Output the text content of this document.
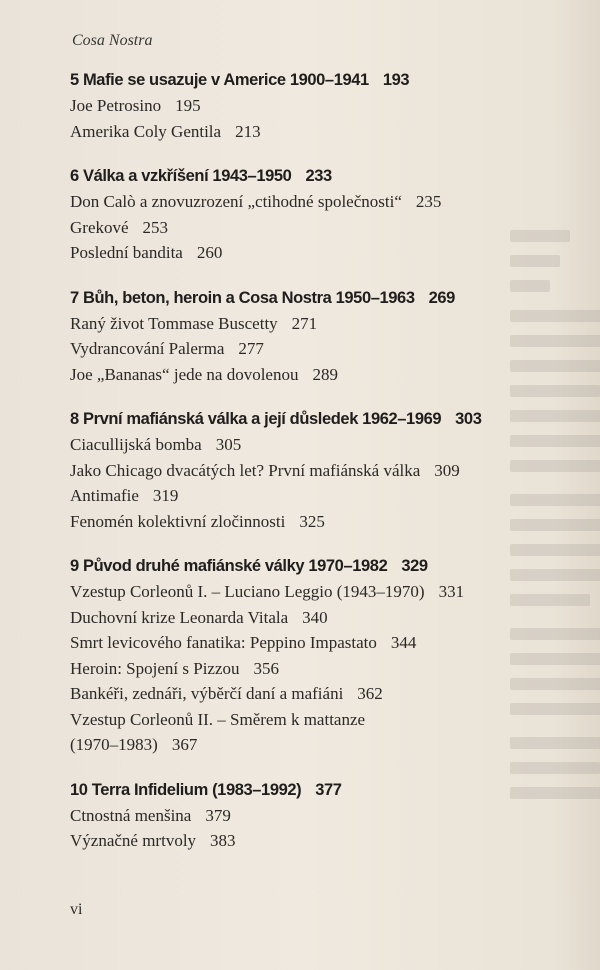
Cosa Nostra
5 Mafie se usazuje v Americe 1900–1941 193
Joe Petrosino 195
Amerika Coly Gentila 213
6 Válka a vzkříšení 1943–1950 233
Don Calò a znovuzrození „ctihodné společnosti“ 235
Grekové 253
Poslední bandita 260
7 Bůh, beton, heroin a Cosa Nostra 1950–1963 269
Raný život Tommase Buscetty 271
Vydrancování Palerma 277
Joe „Bananas“ jede na dovolenou 289
8 První mafiánská válka a její důsledek 1962–1969 303
Ciacullijská bomba 305
Jako Chicago dvacátých let? První mafiánská válka 309
Antimafie 319
Fenomén kolektivní zločinnosti 325
9 Původ druhé mafiánské války 1970–1982 329
Vzestup Corleonů I. – Luciano Leggio (1943–1970) 331
Duchovní krize Leonarda Vitala 340
Smrt levicového fanatika: Peppino Impastato 344
Heroin: Spojení s Pizzou 356
Bankéři, zednáři, výběrčí daní a mafiáni 362
Vzestup Corleonů II. – Směrem k mattanze
(1970–1983) 367
10 Terra Infidelium (1983–1992) 377
Ctnostná menšina 379
Význačné mrtvoly 383
vi
